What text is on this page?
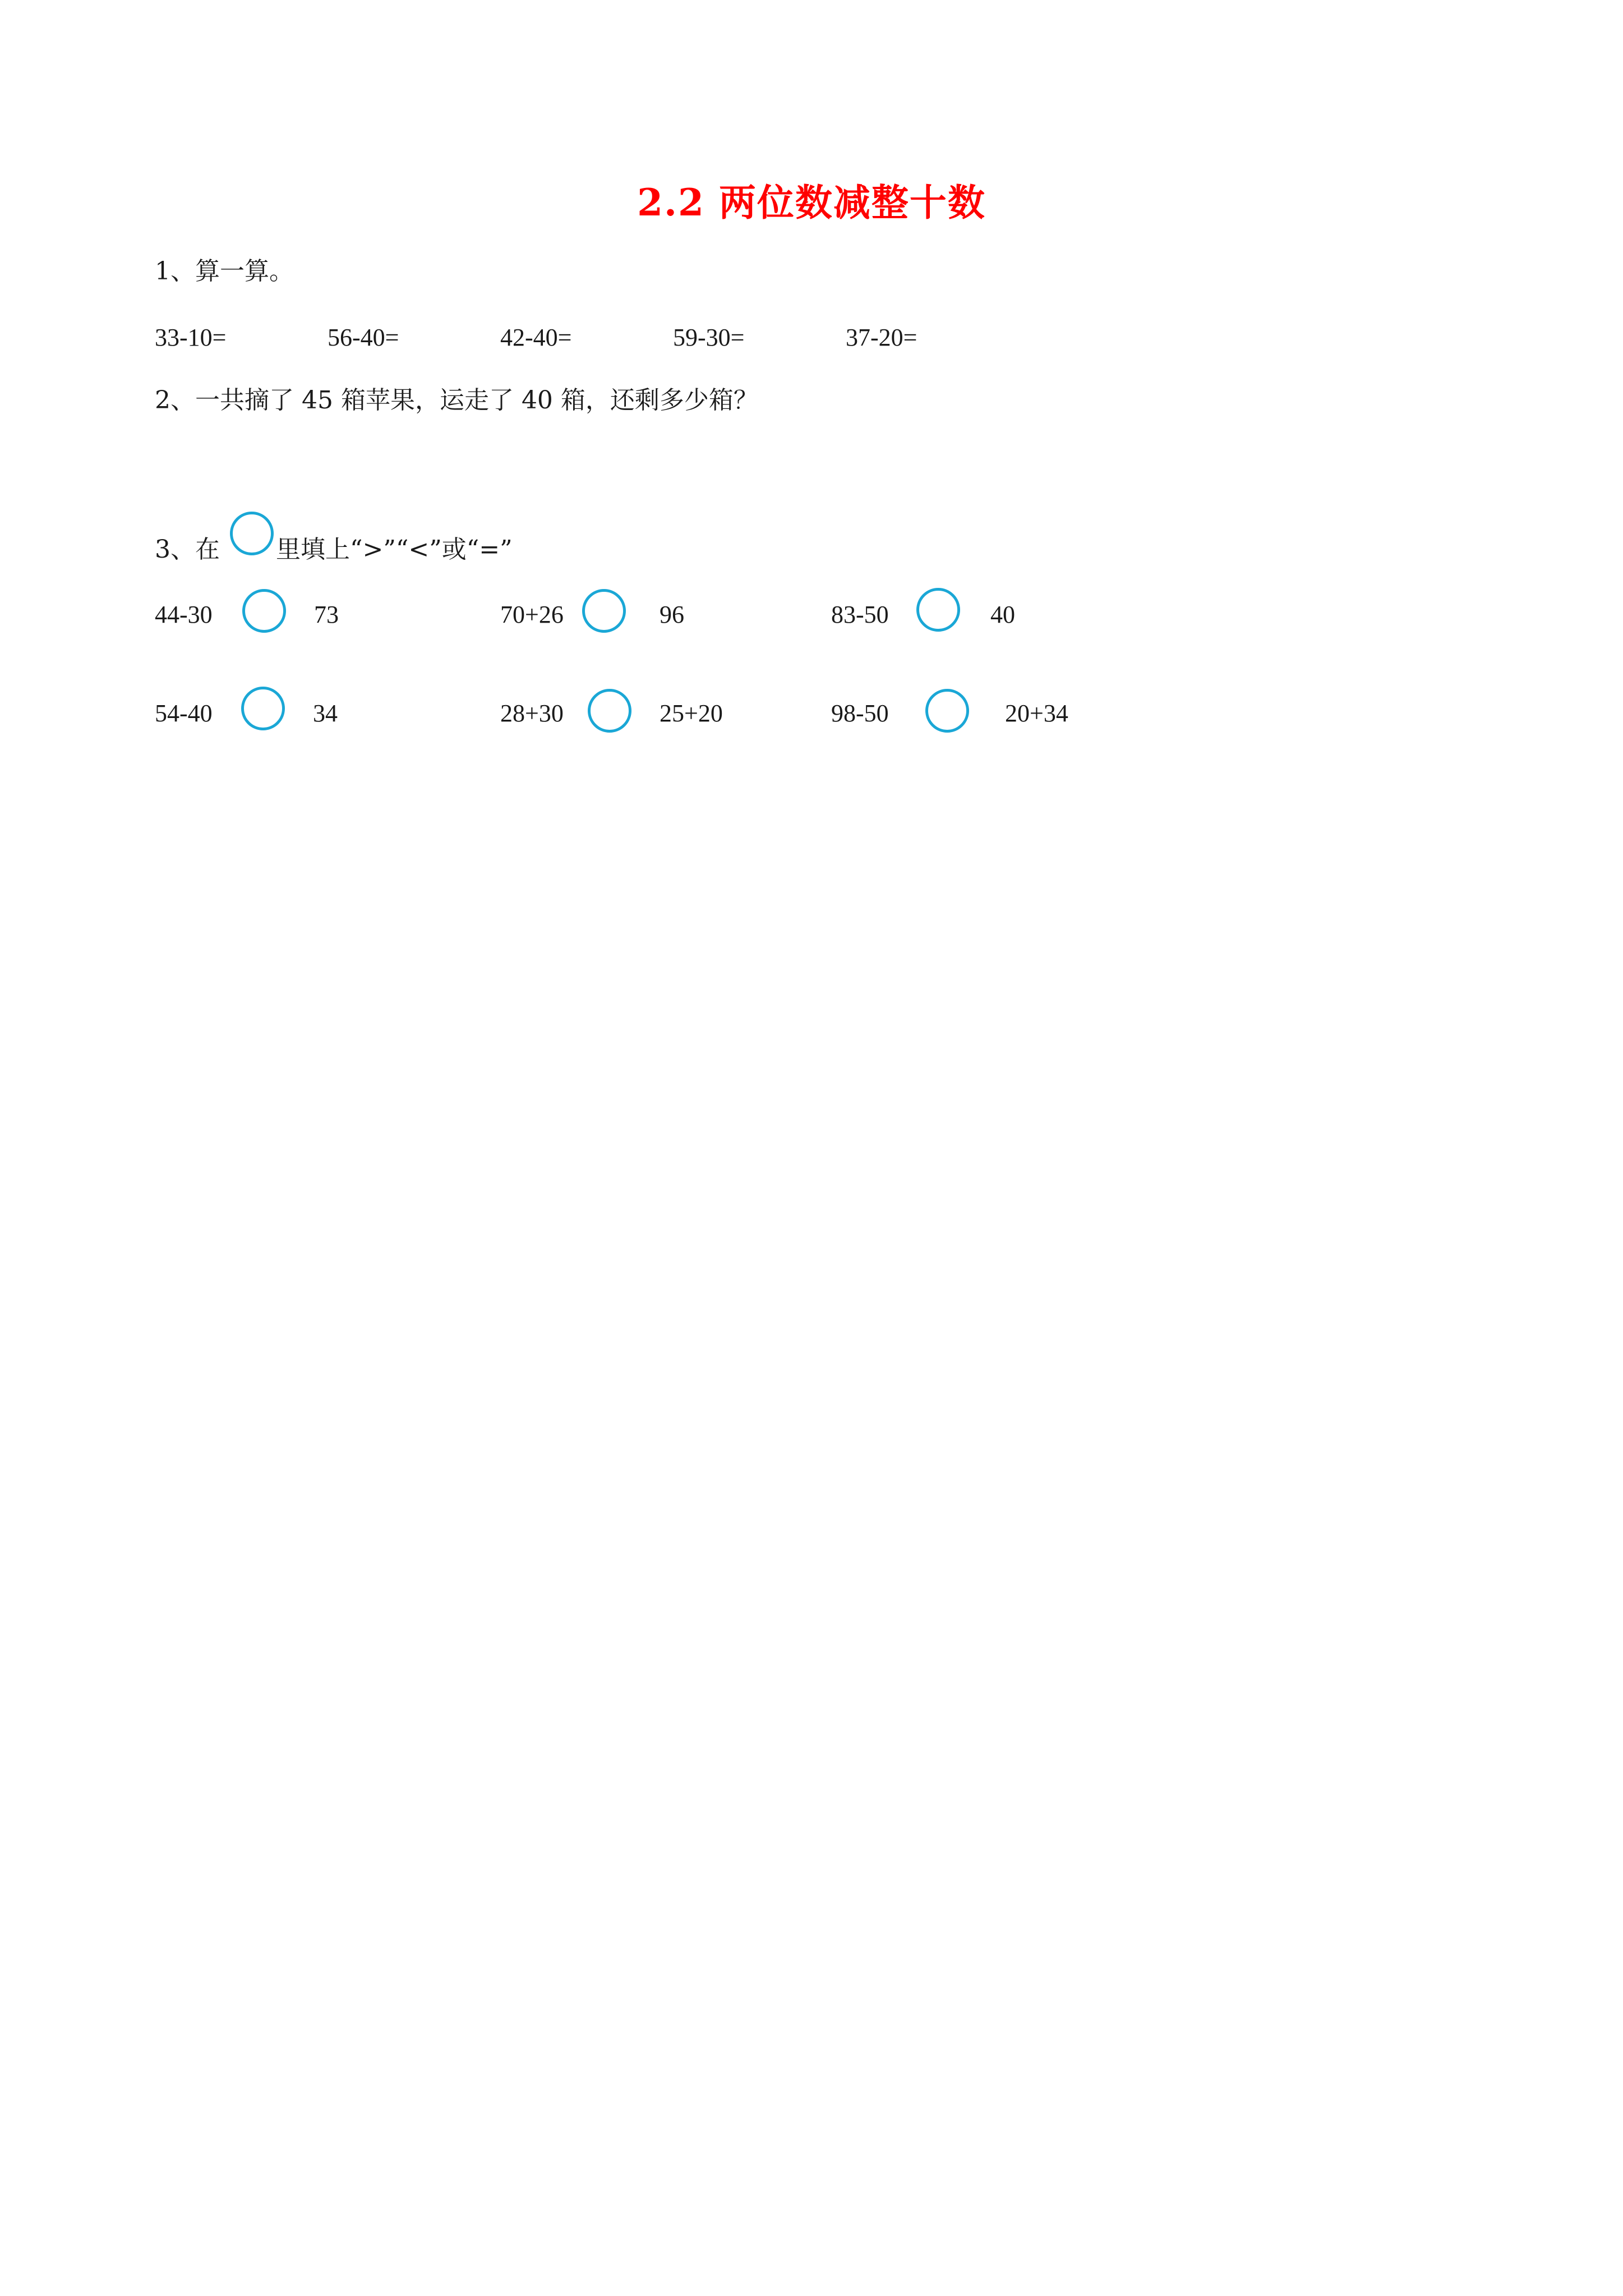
2.2 两位数减整十数
1、算一算。
33-10=	56-40=	42-40=	59-30=	37-20=
2、一共摘了 45 箱苹果，运走了 40 箱，还剩多少箱？
3、在 里填上“>”“<”或“=”
44-30	73	70+26	96	83-50	40
54-40	34	28+30	25+20	98-50	20+34
